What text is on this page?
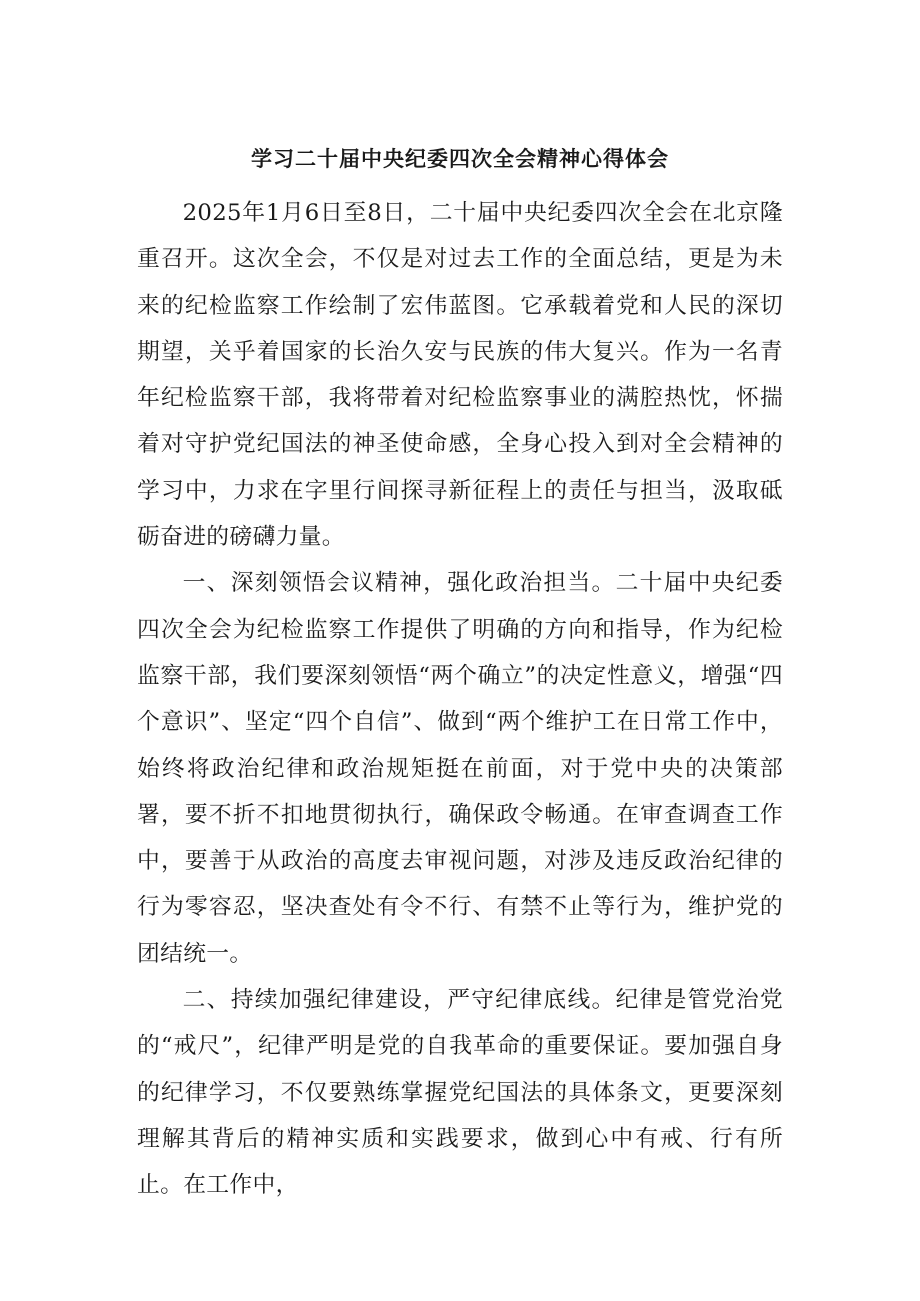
学习二十届中央纪委四次全会精神心得体会

2025年1月6日至8日，二十届中央纪委四次全会在北京隆重召开。这次全会，不仅是对过去工作的全面总结，更是为未来的纪检监察工作绘制了宏伟蓝图。它承载着党和人民的深切期望，关乎着国家的长治久安与民族的伟大复兴。作为一名青年纪检监察干部，我将带着对纪检监察事业的满腔热忱，怀揣着对守护党纪国法的神圣使命感，全身心投入到对全会精神的学习中，力求在字里行间探寻新征程上的责任与担当，汲取砥砺奋进的磅礴力量。

一、深刻领悟会议精神，强化政治担当。二十届中央纪委四次全会为纪检监察工作提供了明确的方向和指导，作为纪检监察干部，我们要深刻领悟“两个确立”的决定性意义，增强“四个意识”、坚定“四个自信”、做到“两个维护工在日常工作中，始终将政治纪律和政治规矩挺在前面，对于党中央的决策部署，要不折不扣地贯彻执行，确保政令畅通。在审查调查工作中，要善于从政治的高度去审视问题，对涉及违反政治纪律的行为零容忍，坚决查处有令不行、有禁不止等行为，维护党的团结统一。

二、持续加强纪律建设，严守纪律底线。纪律是管党治党的“戒尺”，纪律严明是党的自我革命的重要保证。要加强自身的纪律学习，不仅要熟练掌握党纪国法的具体条文，更要深刻理解其背后的精神实质和实践要求，做到心中有戒、行有所止。在工作中，
